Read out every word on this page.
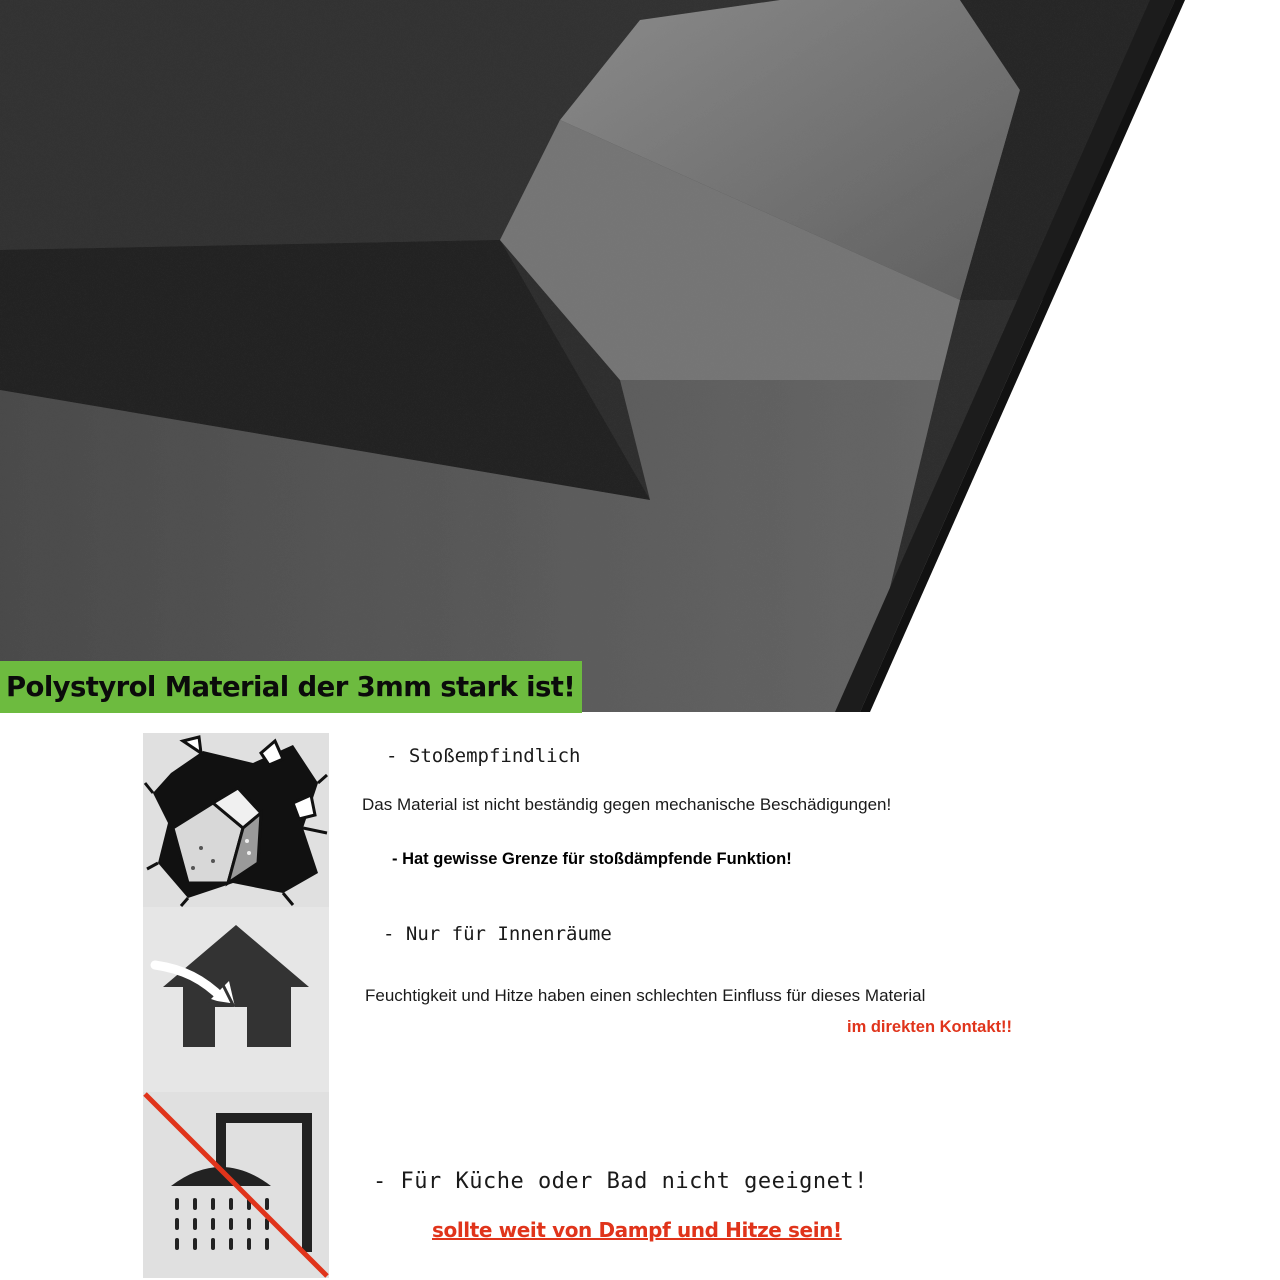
Polystyrol Material der 3mm stark ist!
- Stoßempfindlich
Das Material ist nicht beständig gegen mechanische Beschädigungen!
- Hat gewisse Grenze für stoßdämpfende Funktion!
- Nur für Innenräume
Feuchtigkeit und Hitze haben einen schlechten Einfluss für dieses Material
im direkten Kontakt!!
- Für Küche oder Bad nicht geeignet!
sollte weit von Dampf und Hitze sein!
